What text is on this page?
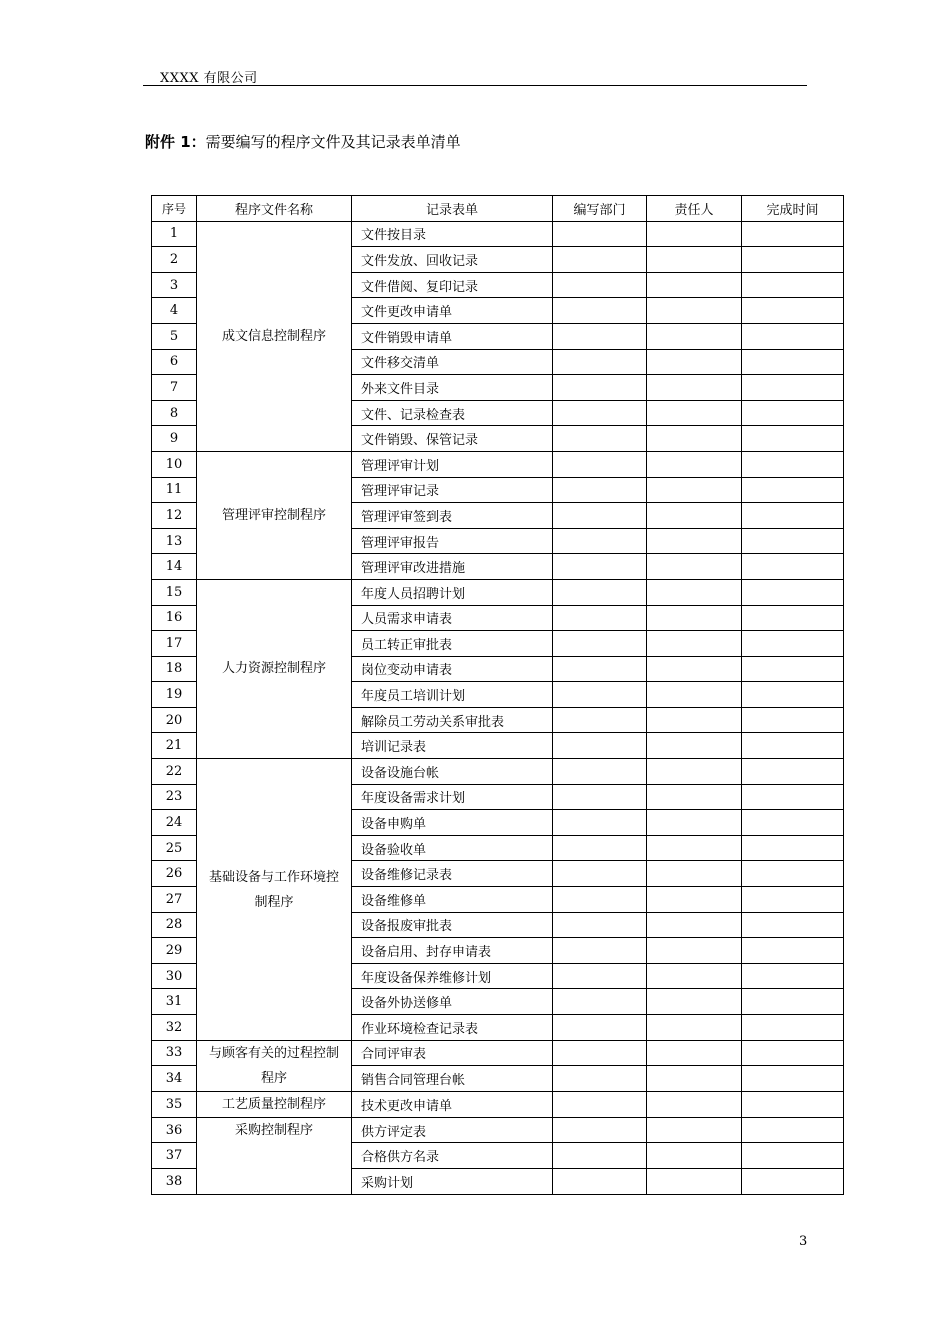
XXXX 有限公司
附件 1：需要编写的程序文件及其记录表单清单
序号	程序文件名称	记录表单	编写部门	责任人	完成时间
1	成文信息控制程序	文件按目录			
2		文件发放、回收记录			
3		文件借阅、复印记录			
4		文件更改申请单			
5		文件销毁申请单			
6		文件移交清单			
7		外来文件目录			
8		文件、记录检查表			
9		文件销毁、保管记录			
10	管理评审控制程序	管理评审计划			
11		管理评审记录			
12		管理评审签到表			
13		管理评审报告			
14		管理评审改进措施			
15	人力资源控制程序	年度人员招聘计划			
16		人员需求申请表			
17		员工转正审批表			
18		岗位变动申请表			
19		年度员工培训计划			
20		解除员工劳动关系审批表			
21		培训记录表			
22	基础设备与工作环境控制程序	设备设施台帐			
23		年度设备需求计划			
24		设备申购单			
25		设备验收单			
26		设备维修记录表			
27		设备维修单			
28		设备报废审批表			
29		设备启用、封存申请表			
30		年度设备保养维修计划			
31		设备外协送修单			
32		作业环境检查记录表			
33	与顾客有关的过程控制程序	合同评审表			
34		销售合同管理台帐			
35	工艺质量控制程序	技术更改申请单			
36	采购控制程序	供方评定表			
37		合格供方名录			
38		采购计划			
3
